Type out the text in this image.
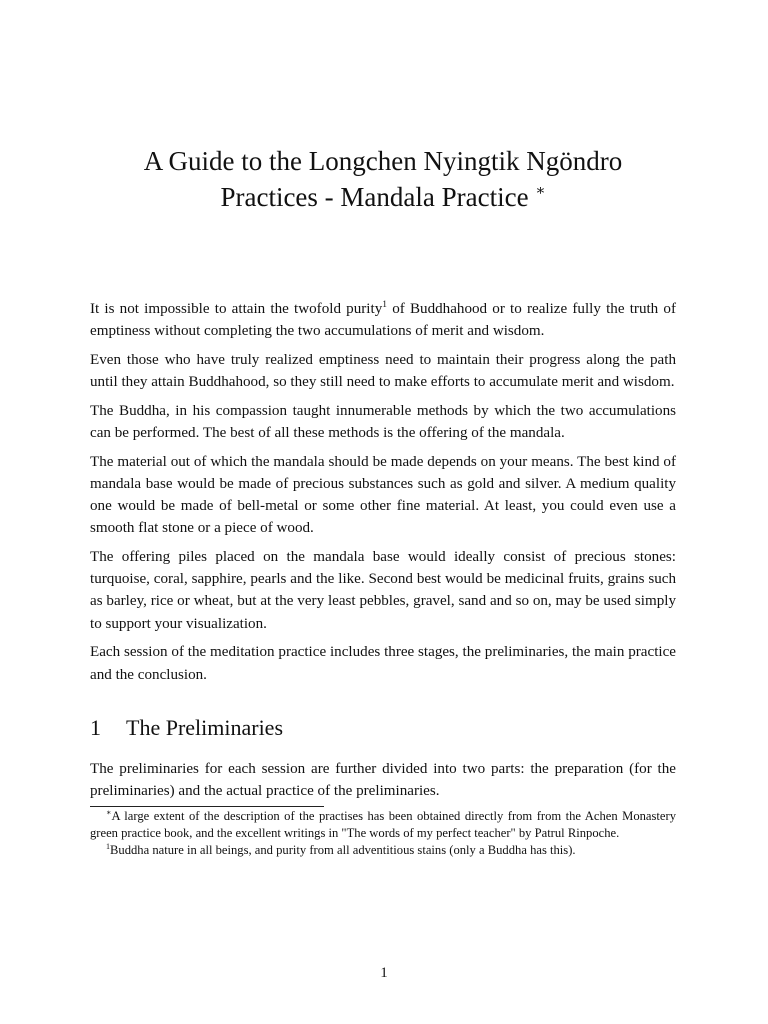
A Guide to the Longchen Nyingtik Ngöndro
Practices - Mandala Practice ∗

It is not impossible to attain the twofold purity$^1$ of Buddhahood or to realize fully the truth of emptiness without completing the two accumulations of merit and wisdom.

Even those who have truly realized emptiness need to maintain their progress along the path until they attain Buddhahood, so they still need to make efforts to accumulate merit and wisdom.

The Buddha, in his compassion taught innumerable methods by which the two accumulations can be performed. The best of all these methods is the offering of the mandala.

The material out of which the mandala should be made depends on your means. The best kind of mandala base would be made of precious substances such as gold and silver. A medium quality one would be made of bell-metal or some other fine material. At least, you could even use a smooth flat stone or a piece of wood.

The offering piles placed on the mandala base would ideally consist of precious stones: turquoise, coral, sapphire, pearls and the like. Second best would be medicinal fruits, grains such as barley, rice or wheat, but at the very least pebbles, gravel, sand and so on, may be used simply to support your visualization.

Each session of the meditation practice includes three stages, the preliminaries, the main practice and the conclusion.

1 The Preliminaries

The preliminaries for each session are further divided into two parts: the preparation (for the preliminaries) and the actual practice of the preliminaries.

∗A large extent of the description of the practises has been obtained directly from from the Achen Monastery green practice book, and the excellent writings in "The words of my perfect teacher" by Patrul Rinpoche.

$^1$Buddha nature in all beings, and purity from all adventitious stains (only a Buddha has this).

1
